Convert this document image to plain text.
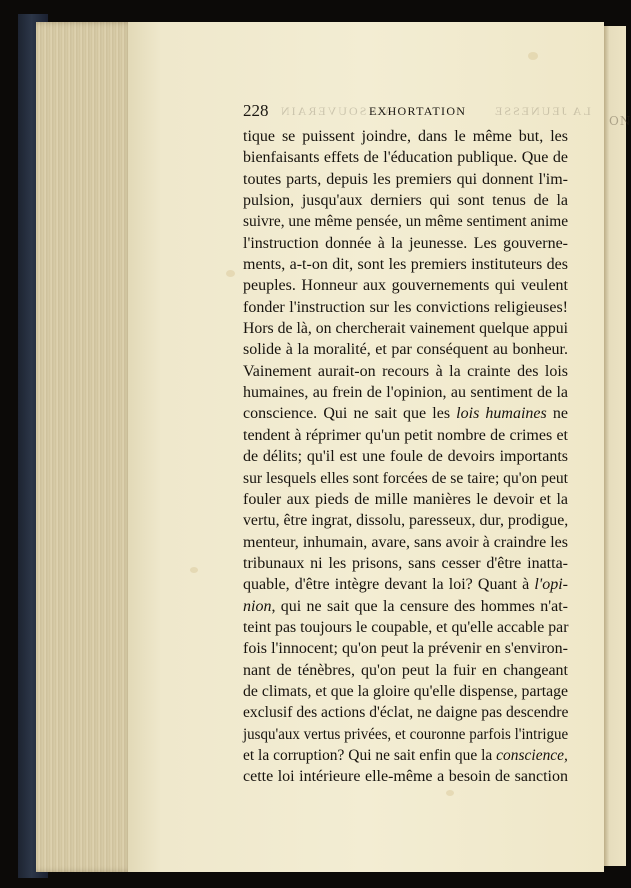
ON
AU SOUVERAIN	LA JEUNESSE
228	EXHORTATION
tique se puissent joindre, dans le même but, les
bienfaisants effets de l'éducation publique. Que de
toutes parts, depuis les premiers qui donnent l'im-
pulsion, jusqu'aux derniers qui sont tenus de la
suivre, une même pensée, un même sentiment anime
l'instruction donnée à la jeunesse. Les gouverne-
ments, a-t-on dit, sont les premiers instituteurs des
peuples. Honneur aux gouvernements qui veulent
fonder l'instruction sur les convictions religieuses!
Hors de là, on chercherait vainement quelque appui
solide à la moralité, et par conséquent au bonheur.
Vainement aurait-on recours à la crainte des lois
humaines, au frein de l'opinion, au sentiment de la
conscience. Qui ne sait que les lois humaines ne
tendent à réprimer qu'un petit nombre de crimes et
de délits; qu'il est une foule de devoirs importants
sur lesquels elles sont forcées de se taire; qu'on peut
fouler aux pieds de mille manières le devoir et la
vertu, être ingrat, dissolu, paresseux, dur, prodigue,
menteur, inhumain, avare, sans avoir à craindre les
tribunaux ni les prisons, sans cesser d'être inatta-
quable, d'être intègre devant la loi? Quant à l'opi-
nion, qui ne sait que la censure des hommes n'at-
teint pas toujours le coupable, et qu'elle accable par
fois l'innocent; qu'on peut la prévenir en s'environ-
nant de ténèbres, qu'on peut la fuir en changeant
de climats, et que la gloire qu'elle dispense, partage
exclusif des actions d'éclat, ne daigne pas descendre
jusqu'aux vertus privées, et couronne parfois l'intrigue
et la corruption? Qui ne sait enfin que la conscience,
cette loi intérieure elle-même a besoin de sanction
